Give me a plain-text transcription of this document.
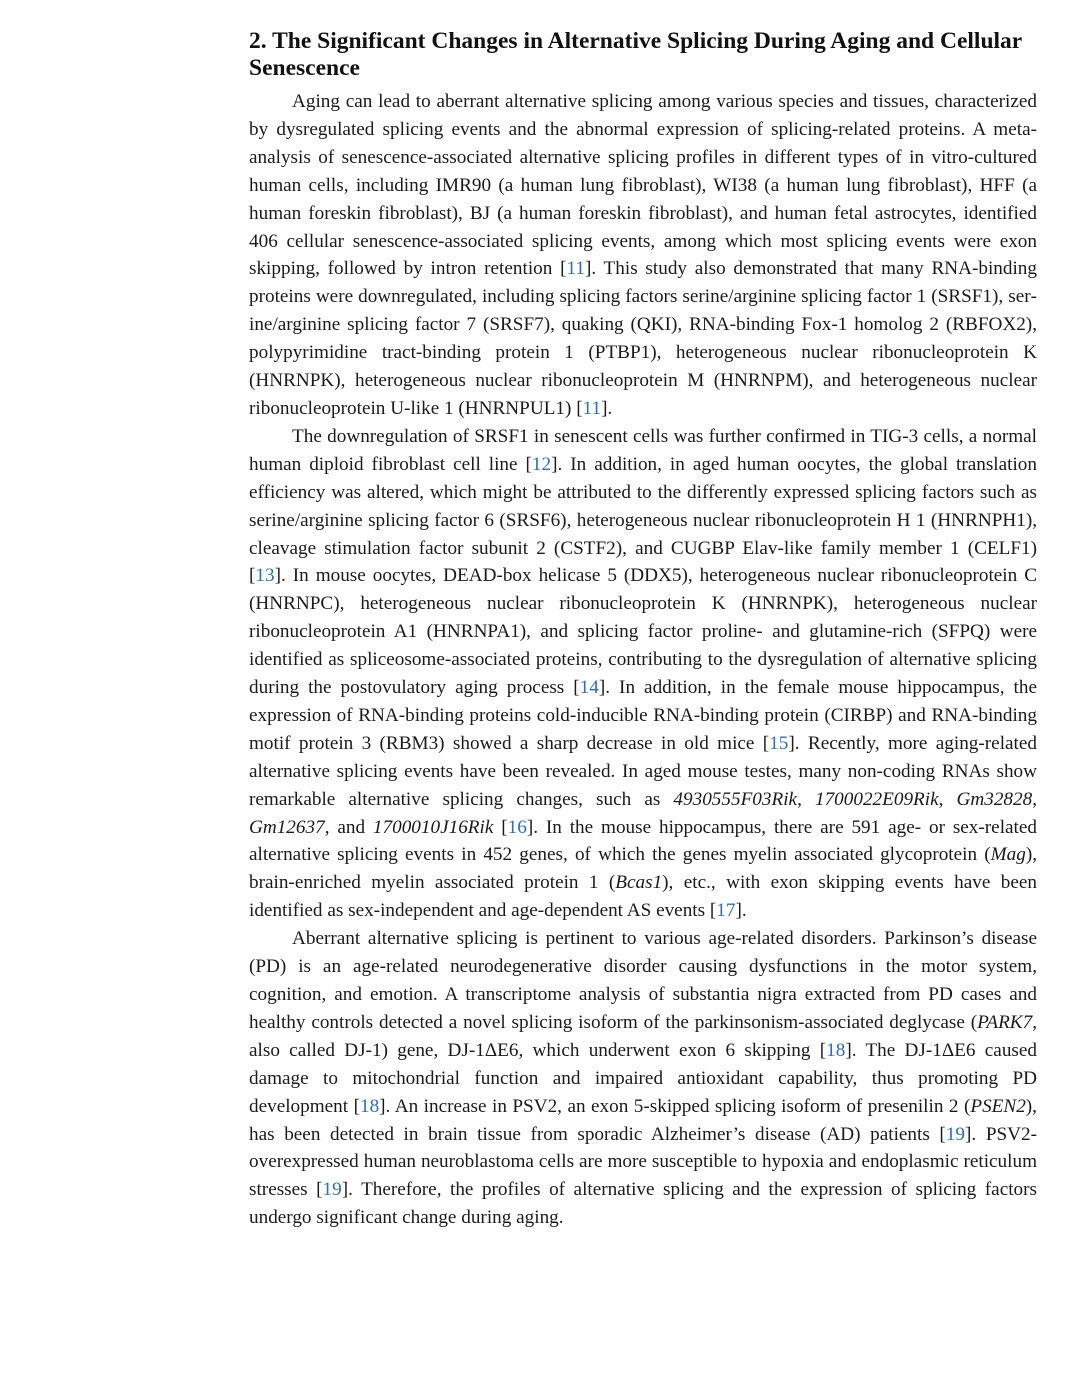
2. The Significant Changes in Alternative Splicing During Aging and Cellular Senescence

Aging can lead to aberrant alternative splicing among various species and tissues, characterized by dysregulated splicing events and the abnormal expression of splicing-related proteins. A meta-analysis of senescence-associated alternative splicing profiles in different types of in vitro-cultured human cells, including IMR90 (a human lung fibroblast), WI38 (a human lung fibroblast), HFF (a human foreskin fibroblast), BJ (a human foreskin fibroblast), and human fetal astrocytes, identified 406 cellular senescence-associated splicing events, among which most splicing events were exon skipping, followed by intron retention [11]. This study also demonstrated that many RNA-binding proteins were downregulated, including splicing factors serine/arginine splicing factor 1 (SRSF1), serine/arginine splicing factor 7 (SRSF7), quaking (QKI), RNA-binding Fox-1 homolog 2 (RBFOX2), polypyrimidine tract-binding protein 1 (PTBP1), heterogeneous nuclear ribonucleoprotein K (HNRNPK), heterogeneous nuclear ribonucleoprotein M (HNRNPM), and heterogeneous nuclear ribonucleoprotein U-like 1 (HNRNPUL1) [11].

The downregulation of SRSF1 in senescent cells was further confirmed in TIG-3 cells, a normal human diploid fibroblast cell line [12]. In addition, in aged human oocytes, the global translation efficiency was altered, which might be attributed to the differently expressed splicing factors such as serine/arginine splicing factor 6 (SRSF6), heterogeneous nuclear ribonucleoprotein H 1 (HNRNPH1), cleavage stimulation factor subunit 2 (CSTF2), and CUGBP Elav-like family member 1 (CELF1) [13]. In mouse oocytes, DEAD-box helicase 5 (DDX5), heterogeneous nuclear ribonucleoprotein C (HNRNPC), heterogeneous nuclear ribonucleoprotein K (HNRNPK), heterogeneous nuclear ribonucleoprotein A1 (HNRNPA1), and splicing factor proline- and glutamine-rich (SFPQ) were identified as spliceosome-associated proteins, contributing to the dysregulation of alternative splicing during the postovulatory aging process [14]. In addition, in the female mouse hippocampus, the expression of RNA-binding proteins cold-inducible RNA-binding protein (CIRBP) and RNA-binding motif protein 3 (RBM3) showed a sharp decrease in old mice [15]. Recently, more aging-related alternative splicing events have been revealed. In aged mouse testes, many non-coding RNAs show remarkable alternative splicing changes, such as 4930555F03Rik, 1700022E09Rik, Gm32828, Gm12637, and 1700010J16Rik [16]. In the mouse hippocampus, there are 591 age- or sex-related alternative splicing events in 452 genes, of which the genes myelin associated glycoprotein (Mag), brain-enriched myelin associated protein 1 (Bcas1), etc., with exon skipping events have been identified as sex-independent and age-dependent AS events [17].

Aberrant alternative splicing is pertinent to various age-related disorders. Parkinson’s disease (PD) is an age-related neurodegenerative disorder causing dysfunctions in the motor system, cognition, and emotion. A transcriptome analysis of substantia nigra extracted from PD cases and healthy controls detected a novel splicing isoform of the parkinsonism-associated deglycase (PARK7, also called DJ-1) gene, DJ-1ΔE6, which underwent exon 6 skipping [18]. The DJ-1ΔE6 caused damage to mitochondrial function and impaired antioxidant capability, thus promoting PD development [18]. An increase in PSV2, an exon 5-skipped splicing isoform of presenilin 2 (PSEN2), has been detected in brain tissue from sporadic Alzheimer’s disease (AD) patients [19]. PSV2-overexpressed human neuroblastoma cells are more susceptible to hypoxia and endoplasmic reticulum stresses [19]. Therefore, the profiles of alternative splicing and the expression of splicing factors undergo significant change during aging.
